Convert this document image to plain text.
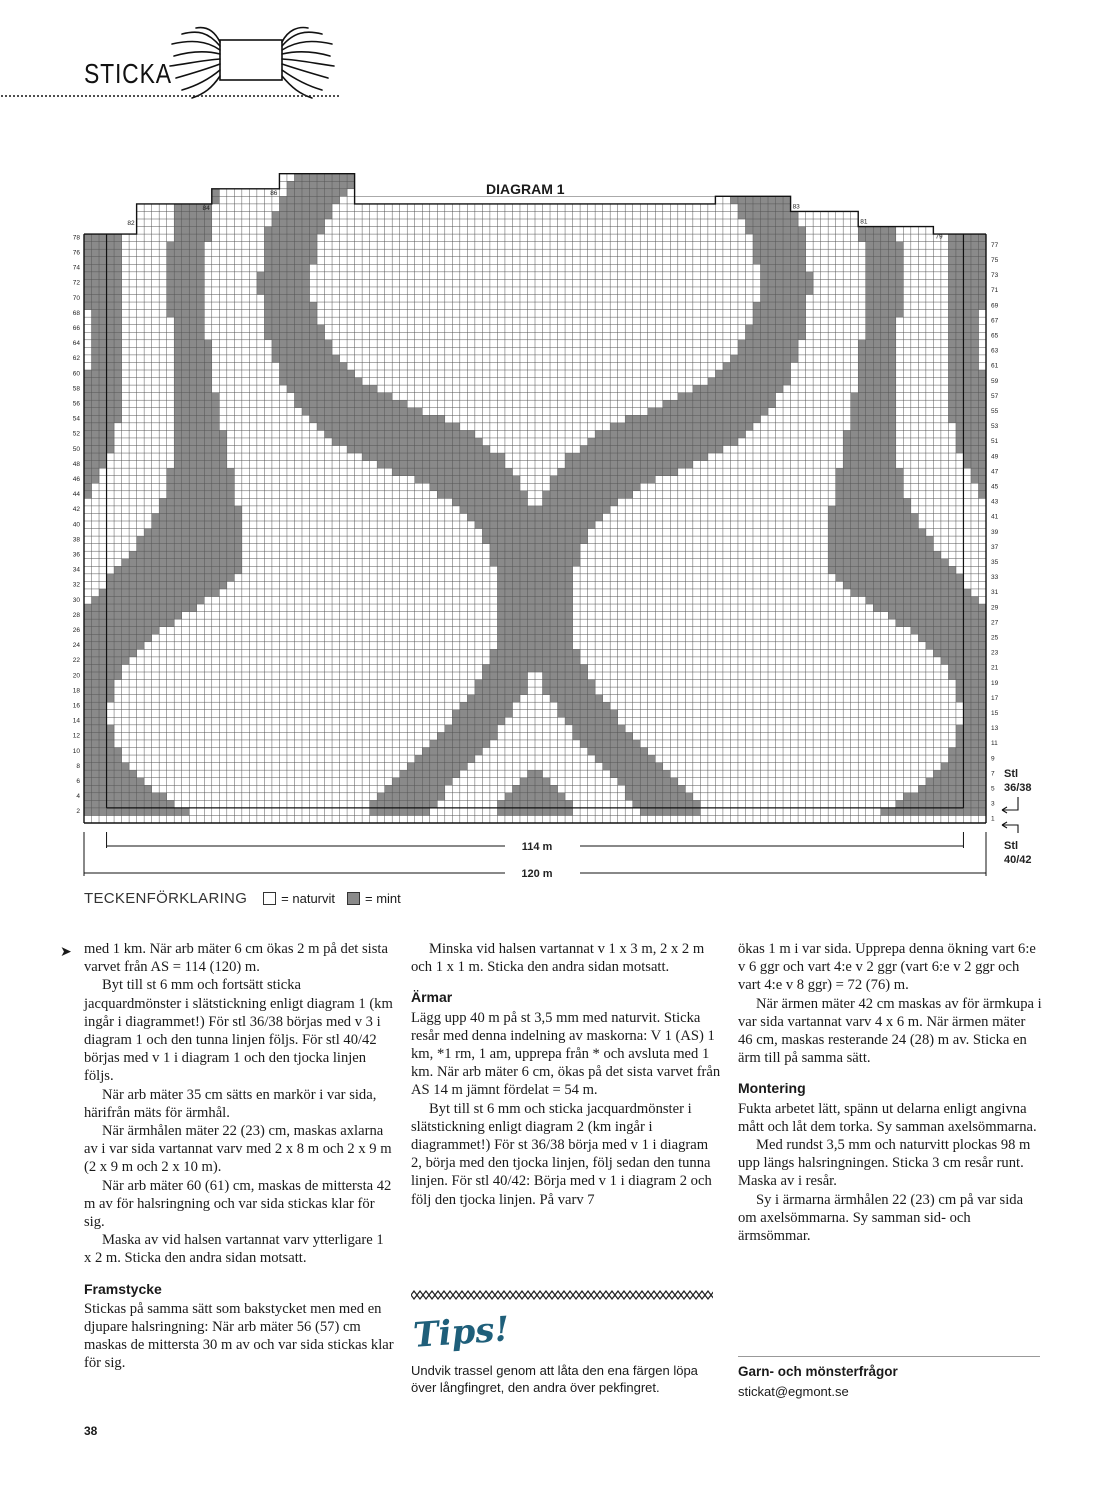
STICKA
DIAGRAM 1
2
4
6
8
10
12
14
16
18
20
22
24
26
28
30
32
34
36
38
40
42
44
46
48
50
52
54
56
58
60
62
64
66
68
70
72
74
76
78
1
3
5
7
9
11
13
15
17
19
21
23
25
27
29
31
33
35
37
39
41
43
45
47
49
51
53
55
57
59
61
63
65
67
69
71
73
75
77
82
84
86
83
81
79
114 m
120 m
Stl
36/38
Stl
40/42
TECKENFÖRKLARING	= naturvit = mint
➤ med 1 km. När arb mäter 6 cm ökas 2 m på det sista varvet från AS = 114 (120) m.

Byt till st 6 mm och fortsätt sticka jacquardmönster i slätstickning enligt diagram 1 (km ingår i diagrammet!) För stl 36/38 börjas med v 3 i diagram 1 och den tunna linjen följs. För stl 40/42 börjas med v 1 i diagram 1 och den tjocka linjen följs.

När arb mäter 35 cm sätts en markör i var sida, härifrån mäts för ärmhål.

När ärmhålen mäter 22 (23) cm, maskas axlarna av i var sida vartannat varv med 2 x 8 m och 2 x 9 m (2 x 9 m och 2 x 10 m).

När arb mäter 60 (61) cm, maskas de mittersta 42 m av för halsringning och var sida stickas klar för sig.

Maska av vid halsen vartannat varv ytterligare 1 x 2 m. Sticka den andra sidan motsatt.

Framstycke

Stickas på samma sätt som bakstycket men med en djupare halsringning: När arb mäter 56 (57) cm maskas de mittersta 30 m av och var sida stickas klar för sig.

Minska vid halsen vartannat v 1 x 3 m, 2 x 2 m och 1 x 1 m. Sticka den andra sidan motsatt.

Ärmar

Lägg upp 40 m på st 3,5 mm med naturvit. Sticka resår med denna indelning av maskorna: V 1 (AS) 1 km, *1 rm, 1 am, upprepa från * och avsluta med 1 km. När arb mäter 6 cm, ökas på det sista varvet från AS 14 m jämnt fördelat = 54 m.

Byt till st 6 mm och sticka jacquardmönster i slätstickning enligt diagram 2 (km ingår i diagrammet!) För st 36/38 börja med v 1 i diagram 2, börja med den tjocka linjen, följ sedan den tunna linjen. För stl 40/42: Börja med v 1 i diagram 2 och följ den tjocka linjen. På varv 7

Tips!
Undvik trassel genom att låta den ena färgen löpa över långfingret, den andra över pekfingret.

ökas 1 m i var sida. Upprepa denna ökning vart 6:e v 6 ggr och vart 4:e v 2 ggr (vart 6:e v 2 ggr och vart 4:e v 8 ggr) = 72 (76) m.

När ärmen mäter 42 cm maskas av för ärmkupa i var sida vartannat varv 4 x 6 m. När ärmen mäter 46 cm, maskas resterande 24 (28) m av. Sticka en ärm till på samma sätt.

Montering

Fukta arbetet lätt, spänn ut delarna enligt angivna mått och låt dem torka. Sy samman axelsömmarna.

Med rundst 3,5 mm och naturvitt plockas 98 m upp längs halsringningen. Sticka 3 cm resår runt. Maska av i resår.

Sy i ärmarna ärmhålen 22 (23) cm på var sida om axelsömmarna. Sy samman sid- och ärmsömmar.

Garn- och mönsterfrågor
stickat@egmont.se
38
